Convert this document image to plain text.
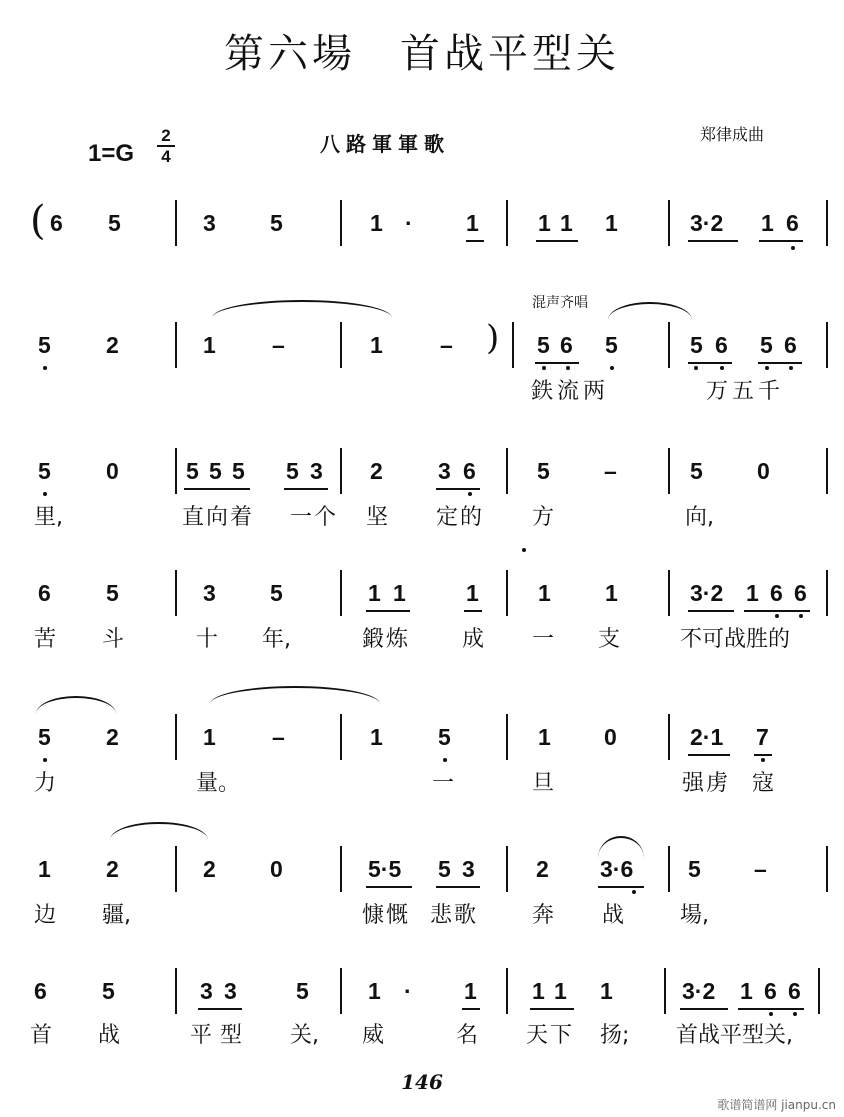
第六場　首战平型关
1=G
2
4
八路軍軍歌	郑律成曲
( 6 5	3 5	1 · 1	1 1 1	3·2 1 6
混声齐唱
5 2	1 –	1 – ) 5 6 5	5 6 5 6
鉄流两	万五千
5 0	5 5 5 5 3 2 3 6	5 –	5 0
里,	直向着 一个 坚 定的 方	向,
6 5	3 5	1 1	1	1 1	3·2 1 6 6
苦 斗	十 年,	鍛炼 成 一 支	不可战胜的
5 2	1 –	1 5	1 0	2·1 7
力	量。	一	旦	强虏 寇
1 2	2 0	5·5 5 3	2 3·6 5 –
边 疆,	慷慨 悲歌 奔 战	場,
6 5	3 3	5	1 · 1 1 1 1	3·2 1 6 6
首 战	平型 关, 威	名 天下 扬; 首战平型关,
146
歌谱简谱网 jianpu.cn
